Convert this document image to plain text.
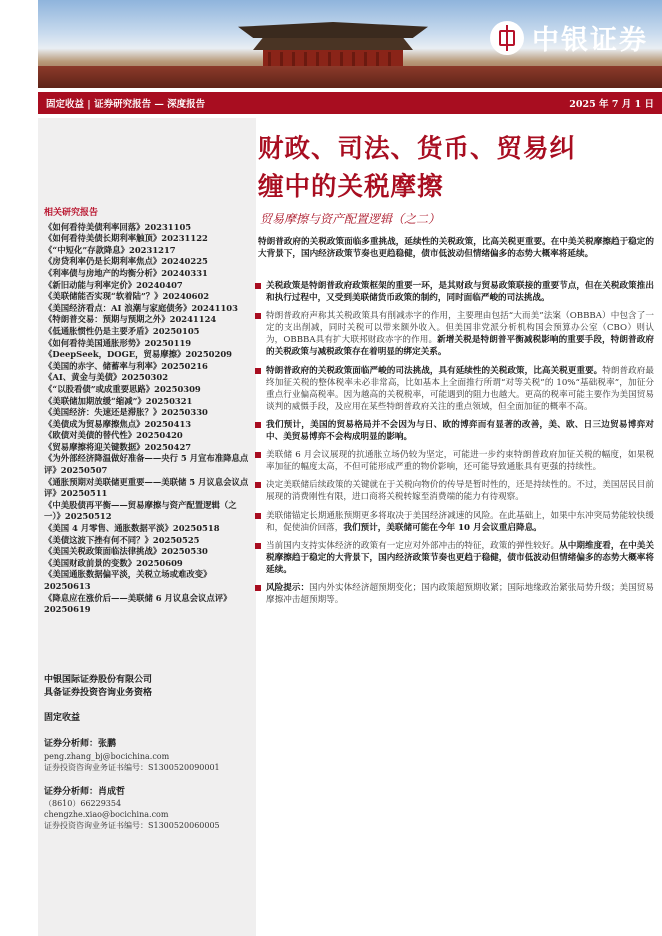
中银证券
固定收益 | 证券研究报告 — 深度报告	2025 年 7 月 1 日
相关研究报告
《如何看待美债利率回落》20231105
《如何看待美债长期利率触顶》20231122
《“中短化”存款降息》20231217
《房贷利率仍是长期利率焦点》20240225
《利率债与房地产的均衡分析》20240331
《新旧动能与利率定价》20240407
《美联储能否实现“软着陆”？》20240602
《美国经济看点：AI 浪潮与家庭债务》20241103
《特朗普交易：预期与预期之外》20241124
《低通胀惯性仍是主要矛盾》20250105
《如何看待美国通胀形势》20250119
《DeepSeek，DOGE，贸易摩擦》20250209
《美国的赤字、储蓄率与利率》20250216
《AI、黄金与美债》20250302
《“以股看债”或成重要思路》20250309
《美联储加期放缓“缩减”》20250321
《美国经济：失速还是滞胀？》20250330
《美债成为贸易摩擦焦点》20250413
《欧债对美债的替代性》20250420
《贸易摩擦将迎关键数据》20250427
《为外部经济降温做好准备——央行 5 月宣布准降息点评》20250507
《通胀预期对美联储更重要——美联储 5 月议息会议点评》20250511
《中美股债再平衡——贸易摩擦与资产配置逻辑（之一）》20250512
《美国 4 月零售、通胀数据平淡》20250518
《美债这波下挫有何不同？》20250525
《美国关税政策面临法律挑战》20250530
《美国财政前景的变数》20250609
《美国通胀数据偏平淡，关税立场或难改变》20250613
《降息应在涨价后——美联储 6 月议息会议点评》20250619
中银国际证券股份有限公司
具备证券投资咨询业务资格
固定收益
证券分析师：张鹏
peng.zhang_bj@bocichina.com
证券投资咨询业务证书编号：S1300520090001
证券分析师：肖成哲
（8610）66229354
chengzhe.xiao@bocichina.com
证券投资咨询业务证书编号：S1300520060005
财政、司法、货币、贸易纠
缠中的关税摩擦
贸易摩擦与资产配置逻辑（之二）
特朗普政府的关税政策面临多重挑战，延续性的关税政策，比高关税更重要。在中美关税摩擦趋于稳定的大背景下，国内经济政策节奏也更趋稳健，债市低波动但情绪偏多的态势大概率将延续。
关税政策是特朗普政府政策框架的重要一环，是其财政与贸易政策联接的重要节点，但在关税政策推出和执行过程中，又受到美联储货币政策的制约，同时面临严峻的司法挑战。
特朗普政府声称其关税政策具有削减赤字的作用，主要理由包括“大而美”法案（OBBBA）中包含了一定的支出削减，同时关税可以带来额外收入。但美国非党派分析机构国会预算办公室（CBO）则认为，OBBBA具有扩大联邦财政赤字的作用。新增关税是特朗普平衡减税影响的重要手段，特朗普政府的关税政策与减税政策存在着明显的绑定关系。
特朗普政府的关税政策面临严峻的司法挑战，具有延续性的关税政策，比高关税更重要。特朗普政府最终加征关税的整体税率未必非常高，比如基本上全面推行所谓“对等关税”的 10%“基础税率”，加征分重点行业偏高税率。因为越高的关税税率，可能遇到的阻力也越大。更高的税率可能主要作为美国贸易谈判的威慑手段，及应用在某些特朗普政府关注的重点领域，但全面加征的概率不高。
我们预计，美国的贸易格局并不会因为与日、欧的博弈而有显著的改善，美、欧、日三边贸易博弈对中、美贸易博弈不会构成明显的影响。
美联储 6 月会议展现的抗通胀立场仍较为坚定，可能进一步约束特朗普政府加征关税的幅度，如果税率加征的幅度太高，不但可能形成严重的物价影响，还可能导致通胀具有更强的持续性。
决定美联储后续政策的关键就在于关税向物价的传导是暂时性的，还是持续性的。不过，美国居民目前展现的消费刚性有限，进口商将关税转嫁至消费端的能力有待观察。
美联储锚定长期通胀预期更多将取决于美国经济减速的风险。在此基础上，如果中东冲突局势能较快缓和，促使油价回落，我们预计，美联储可能在今年 10 月会议重启降息。
当前国内支持实体经济的政策有一定应对外部冲击的特征，政策的弹性较好。从中期维度看，在中美关税摩擦趋于稳定的大背景下，国内经济政策节奏也更趋于稳健，债市低波动但情绪偏多的态势大概率将延续。
风险提示：国内外实体经济超预期变化；国内政策超预期收紧；国际地缘政治紧张局势升级；美国贸易摩擦冲击超预期等。
